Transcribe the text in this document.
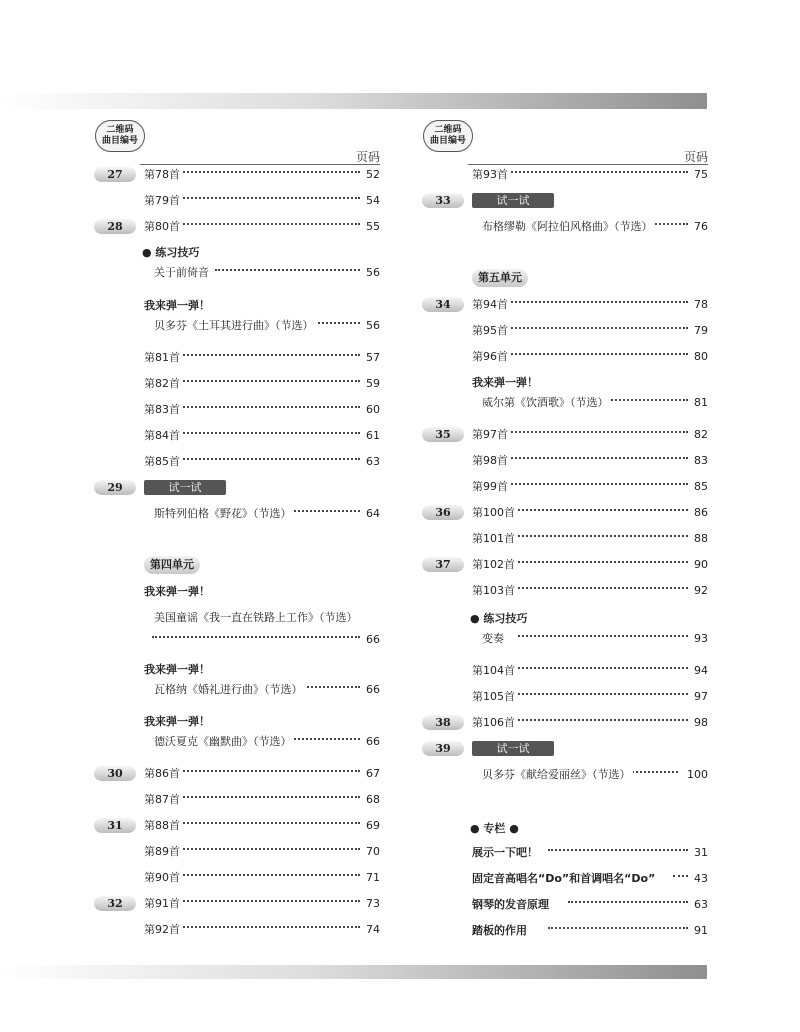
二维码
曲目编号
页码
27	第78首	52
第79首	54
28	第80首	55
● 练习技巧
关于前倚音	56
我来弹一弹！
贝多芬《土耳其进行曲》（节选）	56
第81首	57
第82首	59
第83首	60
第84首	61
第85首	63
29	试一试
斯特列伯格《野花》（节选）	64
第四单元
我来弹一弹！
美国童谣《我一直在铁路上工作》（节选）
66
我来弹一弹！
瓦格纳《婚礼进行曲》（节选）	66
我来弹一弹！
德沃夏克《幽默曲》（节选）	66
30	第86首	67
第87首	68
31	第88首	69
第89首	70
第90首	71
32	第91首	73
第92首	74
二维码
曲目编号
页码
第93首	75
33	试一试
布格缪勒《阿拉伯风格曲》（节选）	76
第五单元
34	第94首	78
第95首	79
第96首	80
我来弹一弹！
威尔第《饮酒歌》（节选）	81
35	第97首	82
第98首	83
第99首	85
36	第100首	86
第101首	88
37	第102首	90
第103首	92
● 练习技巧
变奏	93
第104首	94
第105首	97
38	第106首	98
39	试一试
贝多芬《献给爱丽丝》（节选）	100
● 专栏 ●
展示一下吧！	31
固定音高唱名“Do”和首调唱名“Do”	43
钢琴的发音原理	63
踏板的作用	91
